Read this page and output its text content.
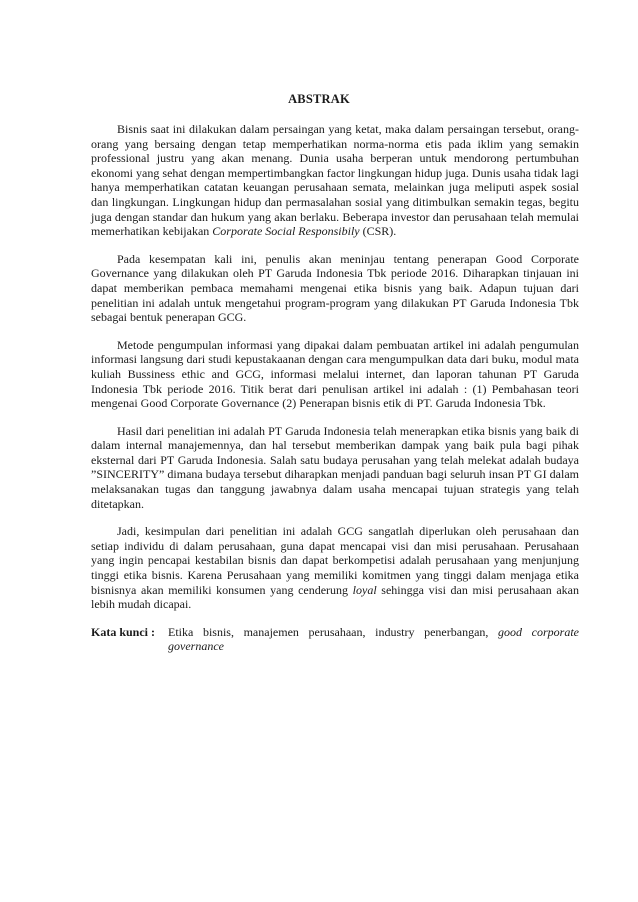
ABSTRAK

Bisnis saat ini dilakukan dalam persaingan yang ketat, maka dalam persaingan tersebut, orang-orang yang bersaing dengan tetap memperhatikan norma-norma etis pada iklim yang semakin professional justru yang akan menang. Dunia usaha berperan untuk mendorong pertumbuhan ekonomi yang sehat dengan mempertimbangkan factor lingkungan hidup juga. Dunis usaha tidak lagi hanya memperhatikan catatan keuangan perusahaan semata, melainkan juga meliputi aspek sosial dan lingkungan. Lingkungan hidup dan permasalahan sosial yang ditimbulkan semakin tegas, begitu juga dengan standar dan hukum yang akan berlaku. Beberapa investor dan perusahaan telah memulai memerhatikan kebijakan Corporate Social Responsibily (CSR).

Pada kesempatan kali ini, penulis akan meninjau tentang penerapan Good Corporate Governance yang dilakukan oleh PT Garuda Indonesia Tbk periode 2016. Diharapkan tinjauan ini dapat memberikan pembaca memahami mengenai etika bisnis yang baik. Adapun tujuan dari penelitian ini adalah untuk mengetahui program-program yang dilakukan PT Garuda Indonesia Tbk sebagai bentuk penerapan GCG.

Metode pengumpulan informasi yang dipakai dalam pembuatan artikel ini adalah pengumulan informasi langsung dari studi kepustakaanan dengan cara mengumpulkan data dari buku, modul mata kuliah Bussiness ethic and GCG, informasi melalui internet, dan laporan tahunan PT Garuda Indonesia Tbk periode 2016. Titik berat dari penulisan artikel ini adalah : (1) Pembahasan teori mengenai Good Corporate Governance (2) Penerapan bisnis etik di PT. Garuda Indonesia Tbk.

Hasil dari penelitian ini adalah PT Garuda Indonesia telah menerapkan etika bisnis yang baik di dalam internal manajemennya, dan hal tersebut memberikan dampak yang baik pula bagi pihak eksternal dari PT Garuda Indonesia. Salah satu budaya perusahan yang telah melekat adalah budaya ”SINCERITY” dimana budaya tersebut diharapkan menjadi panduan bagi seluruh insan PT GI dalam melaksanakan tugas dan tanggung jawabnya dalam usaha mencapai tujuan strategis yang telah ditetapkan.

Jadi, kesimpulan dari penelitian ini adalah GCG sangatlah diperlukan oleh perusahaan dan setiap individu di dalam perusahaan, guna dapat mencapai visi dan misi perusahaan. Perusahaan yang ingin pencapai kestabilan bisnis dan dapat berkompetisi adalah perusahaan yang menjunjung tinggi etika bisnis. Karena Perusahaan yang memiliki komitmen yang tinggi dalam menjaga etika bisnisnya akan memiliki konsumen yang cenderung loyal sehingga visi dan misi perusahaan akan lebih mudah dicapai.

Kata kunci :	Etika bisnis, manajemen perusahaan, industry penerbangan, good corporate governance
